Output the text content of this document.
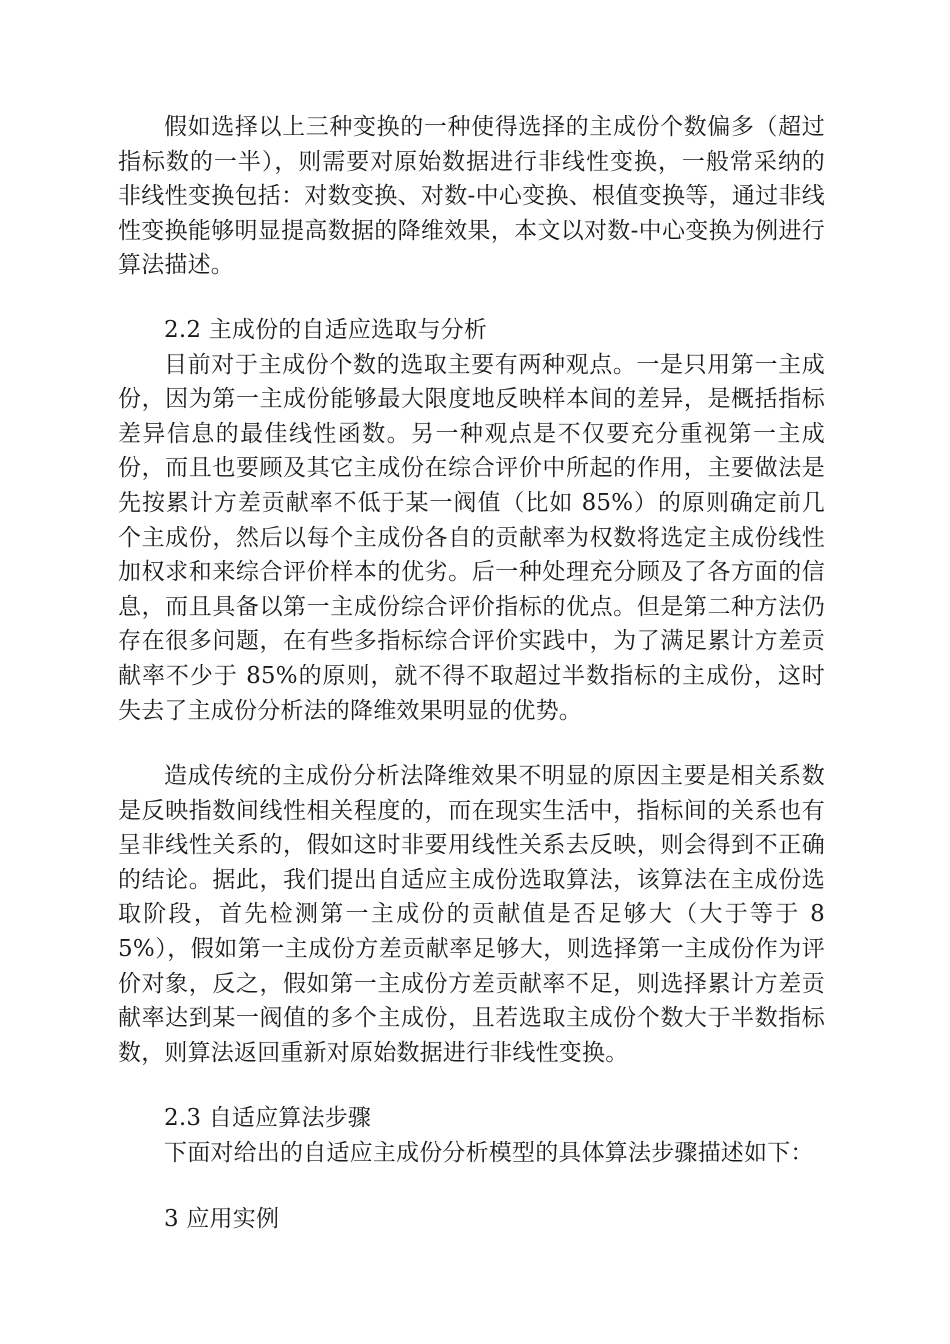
假如选择以上三种变换的一种使得选择的主成份个数偏多（超过指标数的一半），则需要对原始数据进行非线性变换，一般常采纳的非线性变换包括：对数变换、对数-中心变换、根值变换等，通过非线性变换能够明显提高数据的降维效果，本文以对数-中心变换为例进行算法描述。

2.2 主成份的自适应选取与分析

目前对于主成份个数的选取主要有两种观点。一是只用第一主成份，因为第一主成份能够最大限度地反映样本间的差异，是概括指标差异信息的最佳线性函数。另一种观点是不仅要充分重视第一主成份，而且也要顾及其它主成份在综合评价中所起的作用，主要做法是先按累计方差贡献率不低于某一阀值（比如 85%）的原则确定前几个主成份，然后以每个主成份各自的贡献率为权数将选定主成份线性加权求和来综合评价样本的优劣。后一种处理充分顾及了各方面的信息，而且具备以第一主成份综合评价指标的优点。但是第二种方法仍存在很多问题，在有些多指标综合评价实践中，为了满足累计方差贡献率不少于 85%的原则，就不得不取超过半数指标的主成份，这时失去了主成份分析法的降维效果明显的优势。

造成传统的主成份分析法降维效果不明显的原因主要是相关系数是反映指数间线性相关程度的，而在现实生活中，指标间的关系也有呈非线性关系的，假如这时非要用线性关系去反映，则会得到不正确的结论。据此，我们提出自适应主成份选取算法，该算法在主成份选取阶段，首先检测第一主成份的贡献值是否足够大（大于等于 85%），假如第一主成份方差贡献率足够大，则选择第一主成份作为评价对象，反之，假如第一主成份方差贡献率不足，则选择累计方差贡献率达到某一阀值的多个主成份，且若选取主成份个数大于半数指标数，则算法返回重新对原始数据进行非线性变换。

2.3 自适应算法步骤

下面对给出的自适应主成份分析模型的具体算法步骤描述如下：

3 应用实例
